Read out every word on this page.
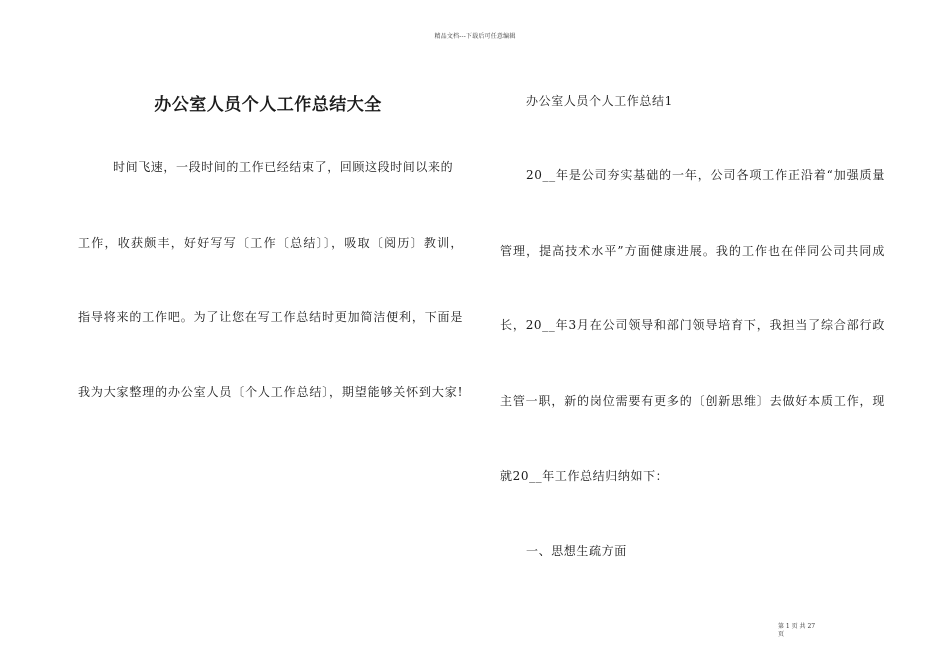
精品文档---下载后可任意编辑
办公室人员个人工作总结大全
时间飞速，一段时间的工作已经结束了，回顾这段时间以来的
工作，收获颇丰，好好写写〔工作〔总结〕〕，吸取〔阅历〕教训，
指导将来的工作吧。为了让您在写工作总结时更加简洁便利，下面是
我为大家整理的办公室人员〔个人工作总结〕，期望能够关怀到大家!
办公室人员个人工作总结1
20__年是公司夯实基础的一年，公司各项工作正沿着“加强质量
管理，提高技术水平”方面健康进展。我的工作也在伴同公司共同成
长，20__年3月在公司领导和部门领导培育下，我担当了综合部行政
主管一职，新的岗位需要有更多的〔创新思维〕去做好本质工作，现
就20__年工作总结归纳如下：
一、思想生疏方面
第 1 页 共 27
页
